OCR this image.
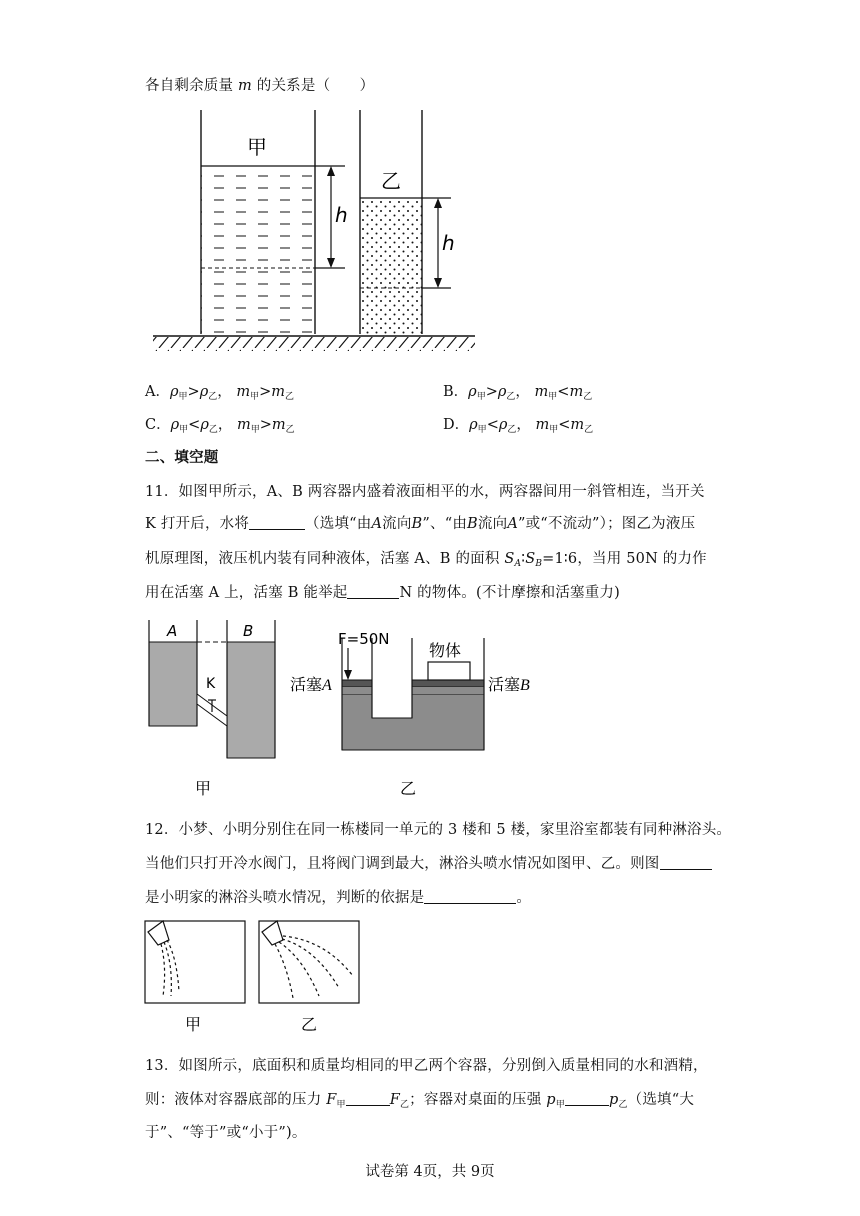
各自剩余质量 m 的关系是（　　）
甲
h
乙
h
A．$\rho_甲>\rho_乙$， $m_甲>m_乙$	B．$\rho_甲>\rho_乙$， $m_甲<m_乙$
C．$\rho_甲<\rho_乙$， $m_甲>m_乙$	D．$\rho_甲<\rho_乙$， $m_甲<m_乙$
二、填空题
11．如图甲所示，A、B 两容器内盛着液面相平的水，两容器间用一斜管相连，当开关
K 打开后，水将	（选填“由A流向B”、“由B流向A”或“不流动”）；图乙为液压
机原理图，液压机内装有同种液体，活塞 A、B 的面积 $S_A∶S_B=1∶6$，当用 50N 的力作
用在活塞 A 上，活塞 B 能举起	N 的物体。(不计摩擦和活塞重力)
A	B
K
甲
F=50N
物体
活塞A	活塞B
乙
12．小梦、小明分别住在同一栋楼同一单元的 3 楼和 5 楼，家里浴室都装有同种淋浴头。
当他们只打开冷水阀门，且将阀门调到最大，淋浴头喷水情况如图甲、乙。则图
是小明家的淋浴头喷水情况，判断的依据是	。
甲	乙
13．如图所示，底面积和质量均相同的甲乙两个容器，分别倒入质量相同的水和酒精，
则：液体对容器底部的压力 $F_甲$	$F_乙$；容器对桌面的压强 $p_甲$	$p_乙$（选填“大
于”、“等于”或“小于”)。
试卷第 4页，共 9页
